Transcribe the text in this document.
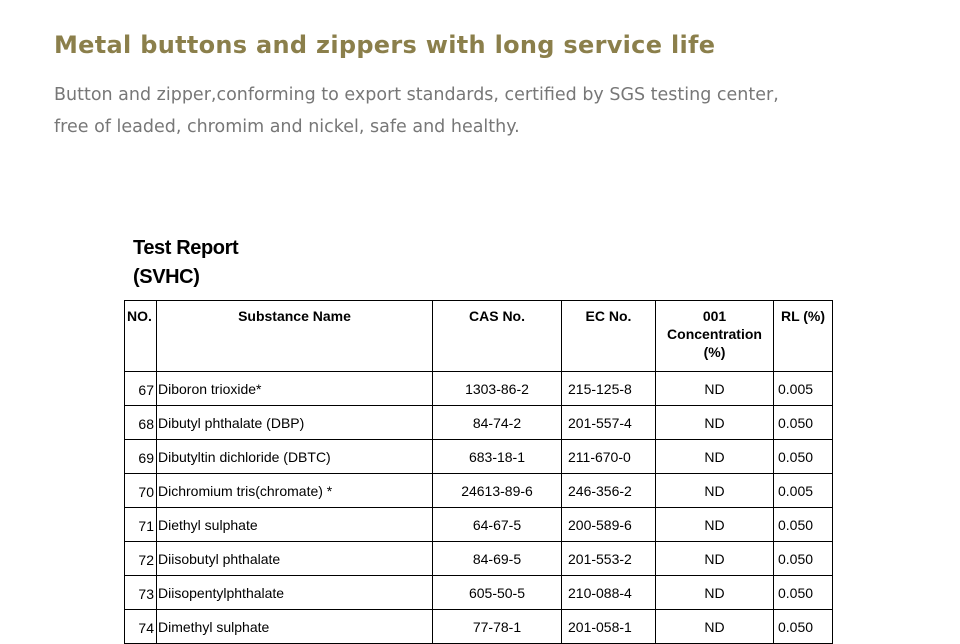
Metal buttons and zippers with long service life

Button and zipper,conforming to export standards, certified by SGS testing center,
free of leaded, chromim and nickel, safe and healthy.

Test Report
(SVHC)
NO.	Substance Name	CAS No.	EC No.	001 Concentration (%)	RL (%)
67	Diboron trioxide*	1303-86-2	215-125-8	ND	0.005
68	Dibutyl phthalate (DBP)	84-74-2	201-557-4	ND	0.050
69	Dibutyltin dichloride (DBTC)	683-18-1	211-670-0	ND	0.050
70	Dichromium tris(chromate) *	24613-89-6	246-356-2	ND	0.005
71	Diethyl sulphate	64-67-5	200-589-6	ND	0.050
72	Diisobutyl phthalate	84-69-5	201-553-2	ND	0.050
73	Diisopentylphthalate	605-50-5	210-088-4	ND	0.050
74	Dimethyl sulphate	77-78-1	201-058-1	ND	0.050
